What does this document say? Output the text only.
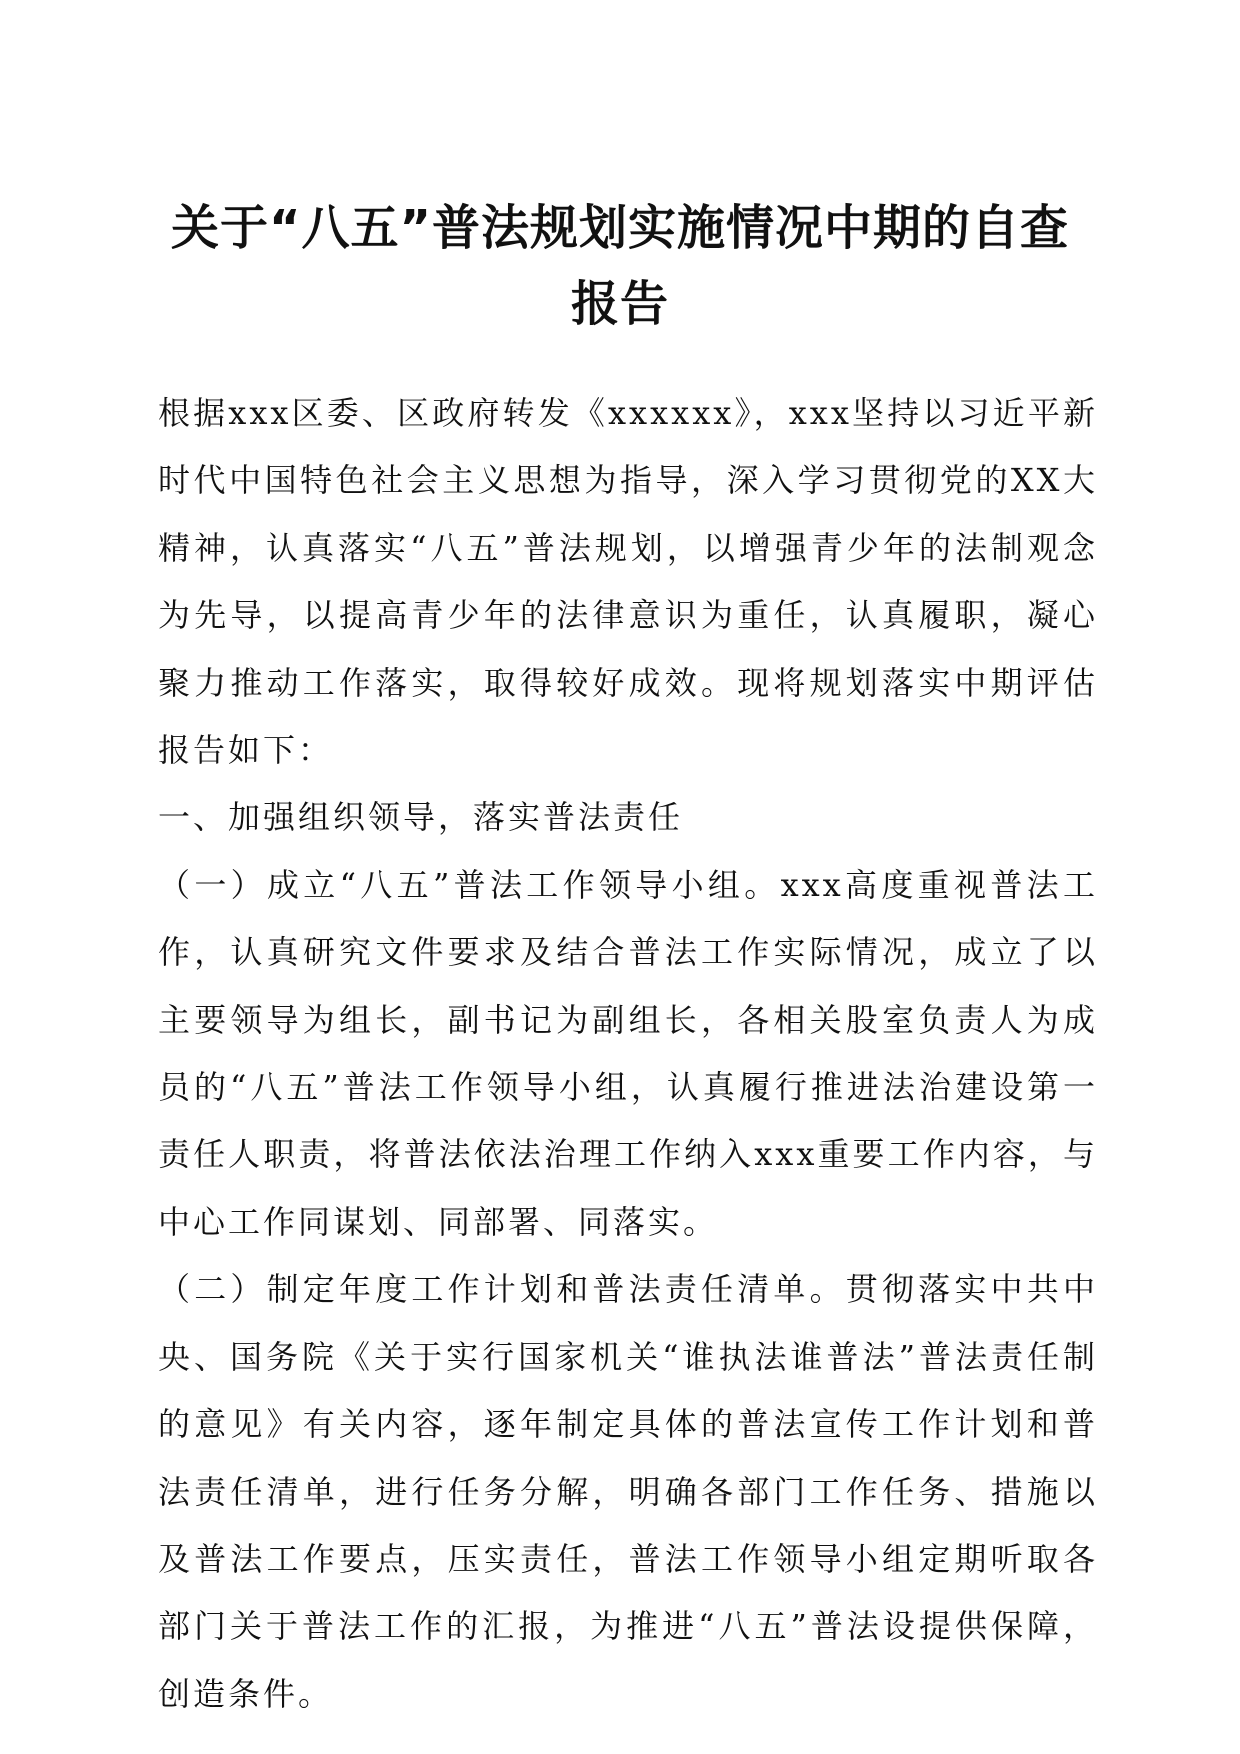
关于“八五”普法规划实施情况中期的自查报告

根据xxx区委、区政府转发《xxxxxx》，xxx坚持以习近平新时代中国特色社会主义思想为指导，深入学习贯彻党的XX大精神，认真落实“八五”普法规划，以增强青少年的法制观念为先导，以提高青少年的法律意识为重任，认真履职，凝心聚力推动工作落实，取得较好成效。现将规划落实中期评估报告如下：

一、加强组织领导，落实普法责任

（一）成立“八五”普法工作领导小组。xxx高度重视普法工作，认真研究文件要求及结合普法工作实际情况，成立了以主要领导为组长，副书记为副组长，各相关股室负责人为成员的“八五”普法工作领导小组，认真履行推进法治建设第一责任人职责，将普法依法治理工作纳入xxx重要工作内容，与中心工作同谋划、同部署、同落实。

（二）制定年度工作计划和普法责任清单。贯彻落实中共中央、国务院《关于实行国家机关“谁执法谁普法”普法责任制的意见》有关内容，逐年制定具体的普法宣传工作计划和普法责任清单，进行任务分解，明确各部门工作任务、措施以及普法工作要点，压实责任，普法工作领导小组定期听取各部门关于普法工作的汇报，为推进“八五”普法设提供保障，创造条件。
